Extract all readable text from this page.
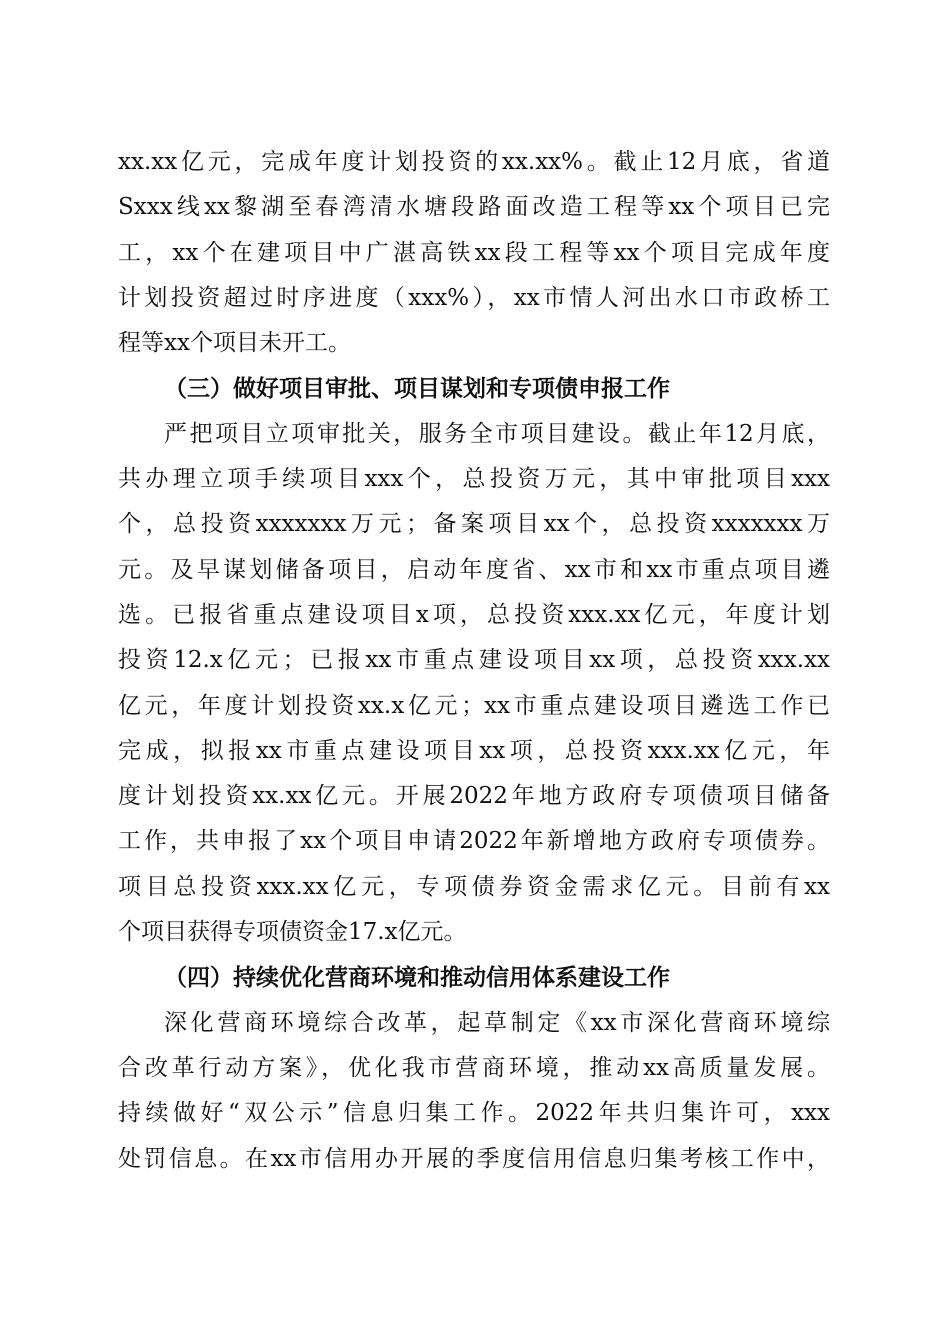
xx.xx亿元，完成年度计划投资的xx.xx%。截止12月底，省道
Sxxx线xx黎湖至春湾清水塘段路面改造工程等xx个项目已完
工，xx个在建项目中广湛高铁xx段工程等xx个项目完成年度
计划投资超过时序进度（xxx%），xx市情人河出水口市政桥工
程等xx个项目未开工。
（三）做好项目审批、项目谋划和专项债申报工作
严把项目立项审批关，服务全市项目建设。截止年12月底，
共办理立项手续项目xxx个，总投资万元，其中审批项目xxx
个，总投资xxxxxxx万元；备案项目xx个，总投资xxxxxxx万
元。及早谋划储备项目，启动年度省、xx市和xx市重点项目遴
选。已报省重点建设项目x项，总投资xxx.xx亿元，年度计划
投资12.x亿元；已报xx市重点建设项目xx项，总投资xxx.xx
亿元，年度计划投资xx.x亿元；xx市重点建设项目遴选工作已
完成，拟报xx市重点建设项目xx项，总投资xxx.xx亿元，年
度计划投资xx.xx亿元。开展2022年地方政府专项债项目储备
工作，共申报了xx个项目申请2022年新增地方政府专项债券。
项目总投资xxx.xx亿元，专项债券资金需求亿元。目前有xx
个项目获得专项债资金17.x亿元。
（四）持续优化营商环境和推动信用体系建设工作
深化营商环境综合改革，起草制定《xx市深化营商环境综
合改革行动方案》，优化我市营商环境，推动xx高质量发展。
持续做好“双公示”信息归集工作。2022年共归集许可，xxx
处罚信息。在xx市信用办开展的季度信用信息归集考核工作中，
